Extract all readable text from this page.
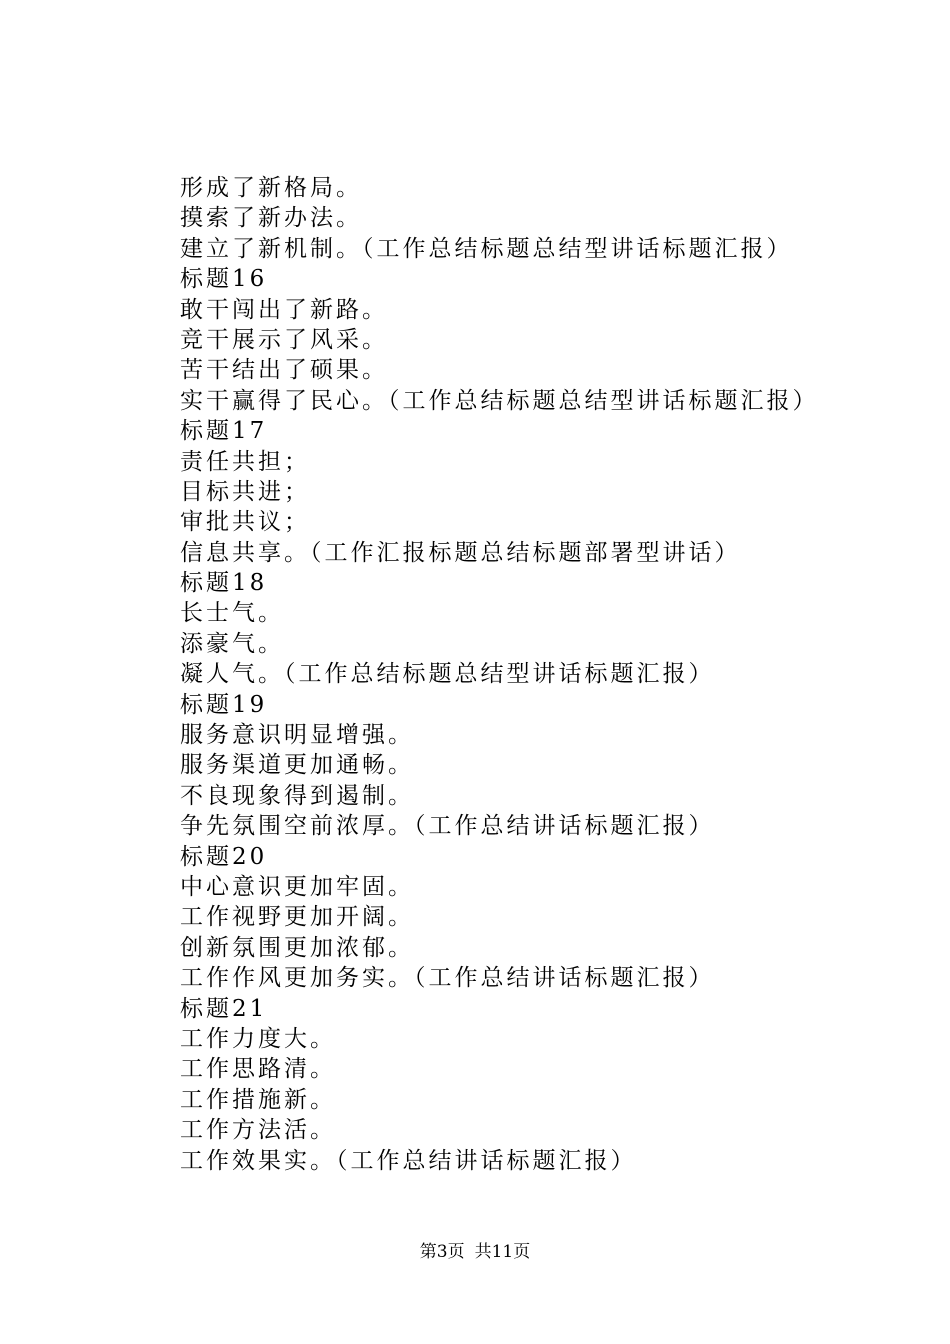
形成了新格局。
摸索了新办法。
建立了新机制。（工作总结标题总结型讲话标题汇报）
标题16
敢干闯出了新路。
竞干展示了风采。
苦干结出了硕果。
实干赢得了民心。（工作总结标题总结型讲话标题汇报）
标题17
责任共担；
目标共进；
审批共议；
信息共享。（工作汇报标题总结标题部署型讲话）
标题18
长士气。
添豪气。
凝人气。（工作总结标题总结型讲话标题汇报）
标题19
服务意识明显增强。
服务渠道更加通畅。
不良现象得到遏制。
争先氛围空前浓厚。（工作总结讲话标题汇报）
标题20
中心意识更加牢固。
工作视野更加开阔。
创新氛围更加浓郁。
工作作风更加务实。（工作总结讲话标题汇报）
标题21
工作力度大。
工作思路清。
工作措施新。
工作方法活。
工作效果实。（工作总结讲话标题汇报）
第3页 共11页
